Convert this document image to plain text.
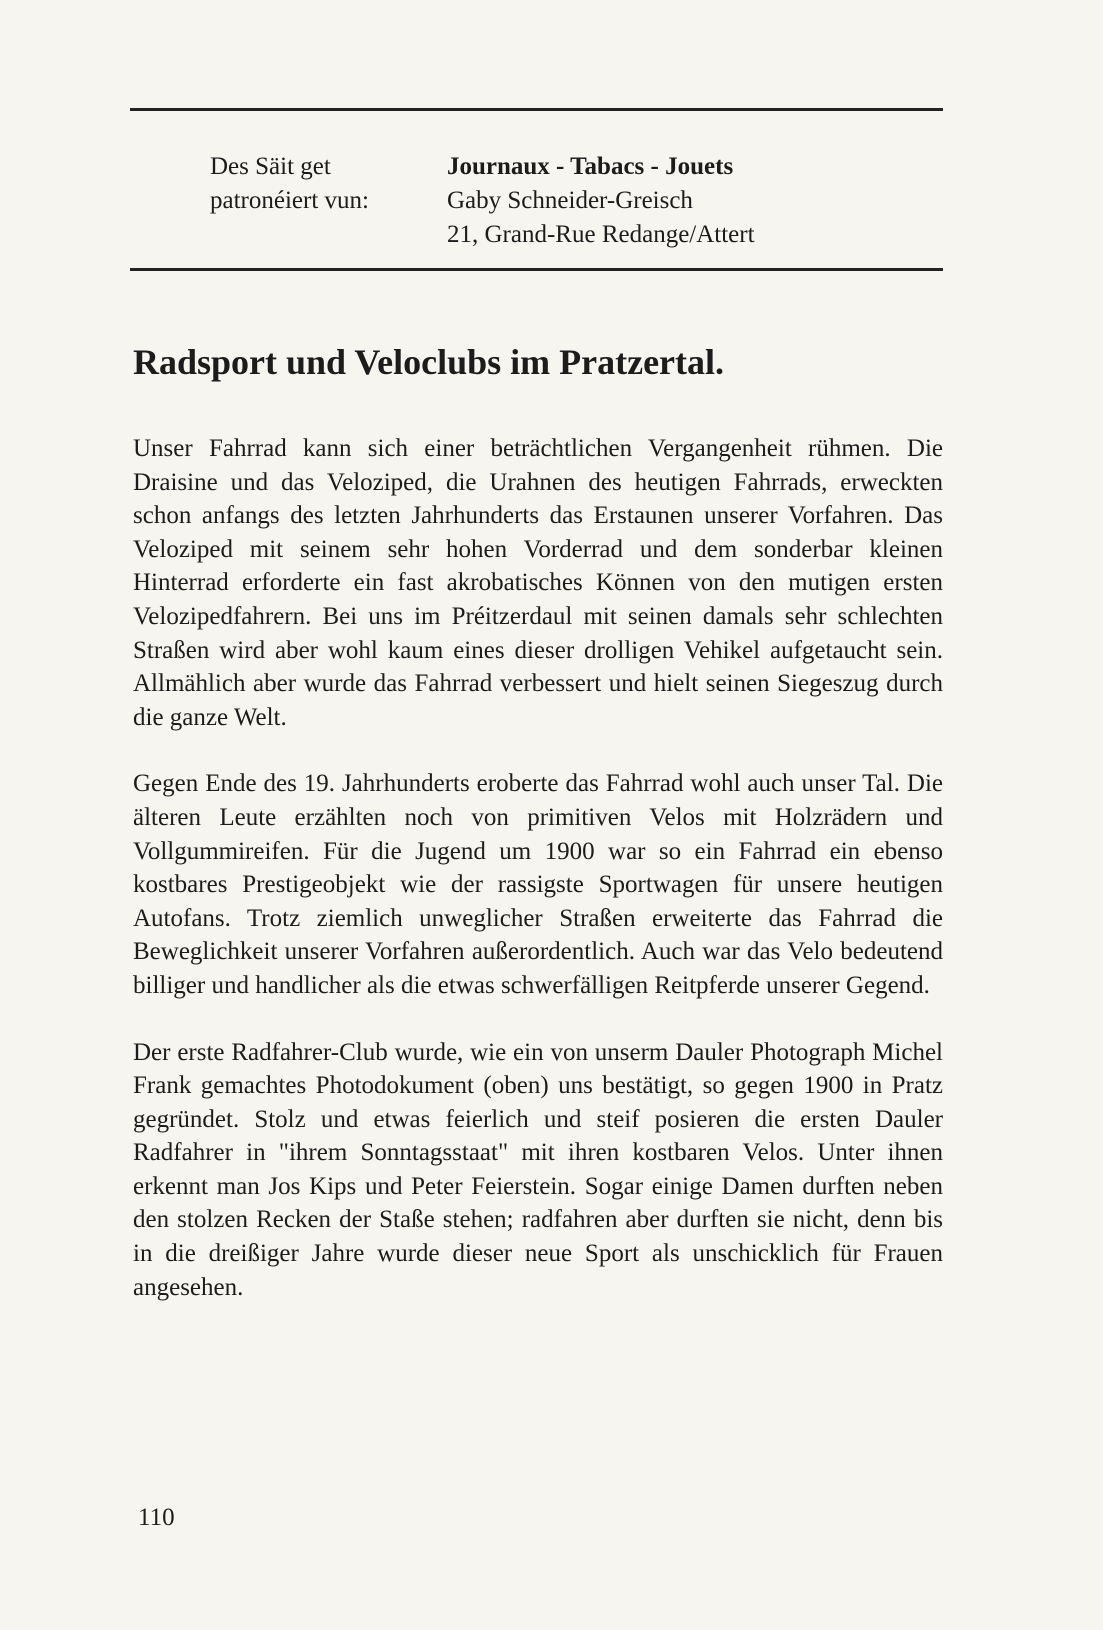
Des Säit get
patronéiert vun:
Journaux - Tabacs - Jouets
Gaby Schneider-Greisch
21, Grand-Rue Redange/Attert
Radsport und Veloclubs im Pratzertal.

Unser Fahrrad kann sich einer beträchtlichen Vergangenheit rühmen. Die Draisine und das Veloziped, die Urahnen des heutigen Fahrrads, erweckten schon anfangs des letzten Jahrhunderts das Erstaunen unserer Vorfahren. Das Veloziped mit seinem sehr hohen Vorderrad und dem sonderbar kleinen Hinterrad erforderte ein fast akrobatisches Können von den mutigen ersten Velozipedfahrern. Bei uns im Préitzerdaul mit seinen damals sehr schlechten Straßen wird aber wohl kaum eines dieser drolligen Vehikel aufgetaucht sein. Allmählich aber wurde das Fahrrad verbessert und hielt seinen Siegeszug durch die ganze Welt.

Gegen Ende des 19. Jahrhunderts eroberte das Fahrrad wohl auch unser Tal. Die älteren Leute erzählten noch von primitiven Velos mit Holzrädern und Vollgummireifen. Für die Jugend um 1900 war so ein Fahrrad ein ebenso kostbares Prestigeobjekt wie der rassigste Sportwagen für unsere heutigen Autofans. Trotz ziemlich unweglicher Straßen erweiterte das Fahrrad die Beweglichkeit unserer Vorfahren außerordentlich. Auch war das Velo bedeutend billiger und handlicher als die etwas schwerfälligen Reitpferde unserer Gegend.

Der erste Radfahrer-Club wurde, wie ein von unserm Dauler Photograph Michel Frank gemachtes Photodokument (oben) uns bestätigt, so gegen 1900 in Pratz gegründet. Stolz und etwas feierlich und steif posieren die ersten Dauler Radfahrer in "ihrem Sonntagsstaat" mit ihren kostbaren Velos. Unter ihnen erkennt man Jos Kips und Peter Feierstein. Sogar einige Damen durften neben den stolzen Recken der Staße stehen; radfahren aber durften sie nicht, denn bis in die dreißiger Jahre wurde dieser neue Sport als unschicklich für Frauen angesehen.

110
